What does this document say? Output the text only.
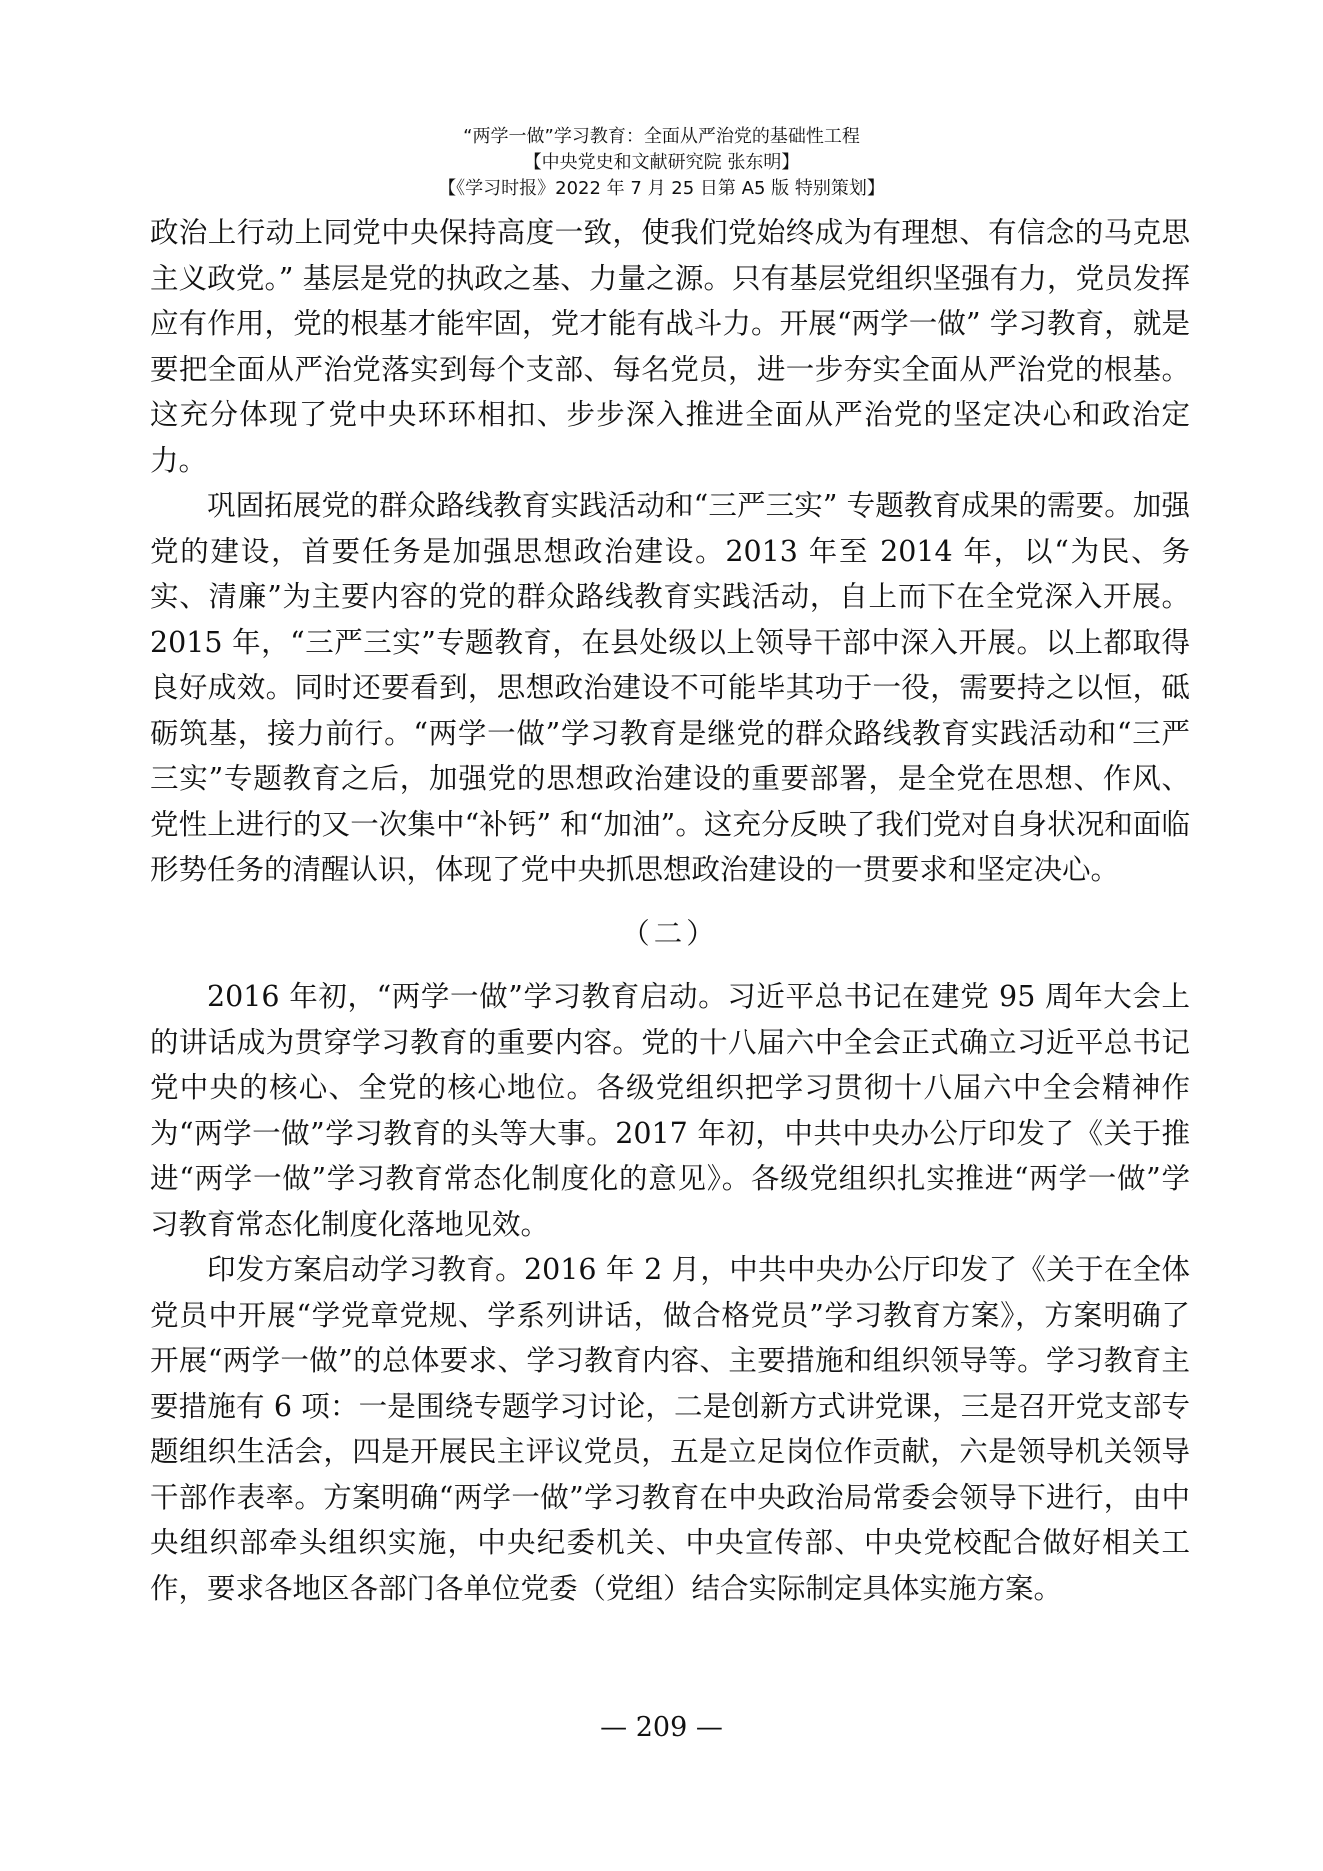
“两学一做”学习教育：全面从严治党的基础性工程
【中央党史和文献研究院 张东明】
【《学习时报》2022 年 7 月 25 日第 A5 版 特别策划】

政治上行动上同党中央保持高度一致，使我们党始终成为有理想、有信念的马克思主义政党。” 基层是党的执政之基、力量之源。只有基层党组织坚强有力，党员发挥应有作用，党的根基才能牢固，党才能有战斗力。开展“两学一做” 学习教育，就是要把全面从严治党落实到每个支部、每名党员，进一步夯实全面从严治党的根基。这充分体现了党中央环环相扣、步步深入推进全面从严治党的坚定决心和政治定力。

巩固拓展党的群众路线教育实践活动和“三严三实” 专题教育成果的需要。加强党的建设，首要任务是加强思想政治建设。2013 年至 2014 年，以“为民、务实、清廉”为主要内容的党的群众路线教育实践活动，自上而下在全党深入开展。2015 年，“三严三实”专题教育，在县处级以上领导干部中深入开展。以上都取得良好成效。同时还要看到，思想政治建设不可能毕其功于一役，需要持之以恒，砥砺筑基，接力前行。“两学一做”学习教育是继党的群众路线教育实践活动和“三严三实”专题教育之后，加强党的思想政治建设的重要部署，是全党在思想、作风、党性上进行的又一次集中“补钙” 和“加油”。这充分反映了我们党对自身状况和面临形势任务的清醒认识，体现了党中央抓思想政治建设的一贯要求和坚定决心。

（二）

2016 年初，“两学一做”学习教育启动。习近平总书记在建党 95 周年大会上的讲话成为贯穿学习教育的重要内容。党的十八届六中全会正式确立习近平总书记党中央的核心、全党的核心地位。各级党组织把学习贯彻十八届六中全会精神作为“两学一做”学习教育的头等大事。2017 年初，中共中央办公厅印发了《关于推进“两学一做”学习教育常态化制度化的意见》。各级党组织扎实推进“两学一做”学习教育常态化制度化落地见效。

印发方案启动学习教育。2016 年 2 月，中共中央办公厅印发了《关于在全体党员中开展“学党章党规、学系列讲话，做合格党员”学习教育方案》，方案明确了开展“两学一做”的总体要求、学习教育内容、主要措施和组织领导等。学习教育主要措施有 6 项：一是围绕专题学习讨论，二是创新方式讲党课，三是召开党支部专题组织生活会，四是开展民主评议党员，五是立足岗位作贡献，六是领导机关领导干部作表率。方案明确“两学一做”学习教育在中央政治局常委会领导下进行，由中央组织部牵头组织实施，中央纪委机关、中央宣传部、中央党校配合做好相关工作，要求各地区各部门各单位党委（党组）结合实际制定具体实施方案。

— 209 —
